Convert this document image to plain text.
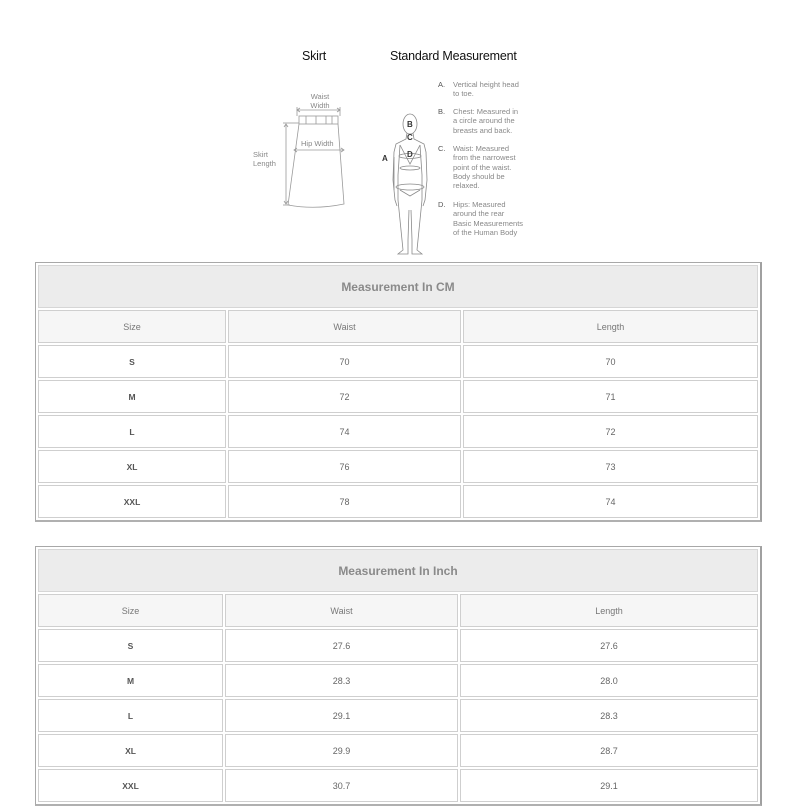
Skirt
Waist
Width
Hip Width
Skirt
Length
Standard Measurement
A
B
C
D
A. Vertical height head
to toe.
B. Chest: Measured in
a circle around the
breasts and back.
C. Waist: Measured
from the narrowest
point of the waist.
Body should be
relaxed.
D. Hips: Measured
around the rear
Basic Measurements
of the Human Body
Measurement In CM		
Size	Waist	Length
S	70	70
M	72	71
L	74	72
XL	76	73
XXL	78	74
Measurement In Inch		
Size	Waist	Length
S	27.6	27.6
M	28.3	28.0
L	29.1	28.3
XL	29.9	28.7
XXL	30.7	29.1
